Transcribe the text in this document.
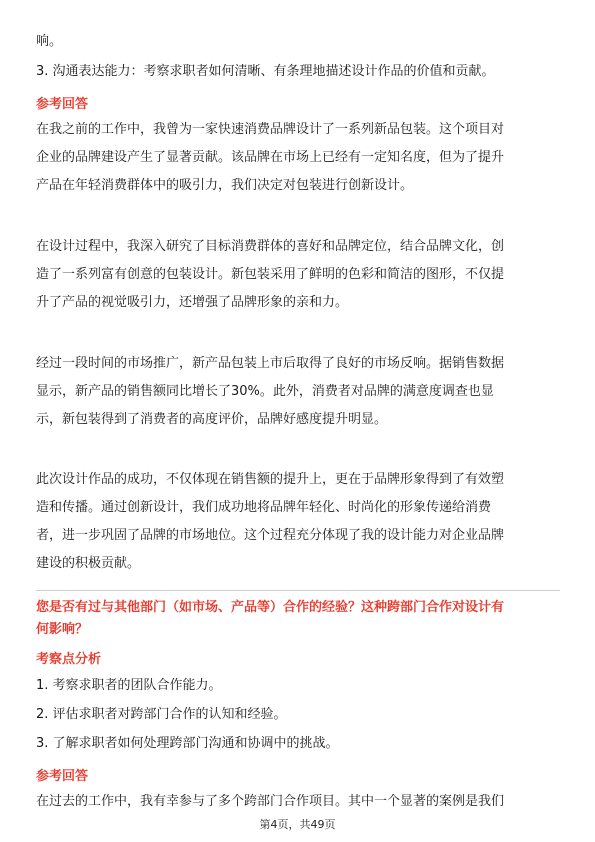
响。
3. 沟通表达能力：考察求职者如何清晰、有条理地描述设计作品的价值和贡献。
参考回答
在我之前的工作中，我曾为一家快速消费品牌设计了一系列新品包装。这个项目对
企业的品牌建设产生了显著贡献。该品牌在市场上已经有一定知名度，但为了提升
产品在年轻消费群体中的吸引力，我们决定对包装进行创新设计。
在设计过程中，我深入研究了目标消费群体的喜好和品牌定位，结合品牌文化，创
造了一系列富有创意的包装设计。新包装采用了鲜明的色彩和简洁的图形，不仅提
升了产品的视觉吸引力，还增强了品牌形象的亲和力。
经过一段时间的市场推广，新产品包装上市后取得了良好的市场反响。据销售数据
显示，新产品的销售额同比增长了30%。此外，消费者对品牌的满意度调查也显
示，新包装得到了消费者的高度评价，品牌好感度提升明显。
此次设计作品的成功，不仅体现在销售额的提升上，更在于品牌形象得到了有效塑
造和传播。通过创新设计，我们成功地将品牌年轻化、时尚化的形象传递给消费
者，进一步巩固了品牌的市场地位。这个过程充分体现了我的设计能力对企业品牌
建设的积极贡献。
您是否有过与其他部门（如市场、产品等）合作的经验？这种跨部门合作对设计有
何影响？
考察点分析
1. 考察求职者的团队合作能力。
2. 评估求职者对跨部门合作的认知和经验。
3. 了解求职者如何处理跨部门沟通和协调中的挑战。
参考回答
在过去的工作中，我有幸参与了多个跨部门合作项目。其中一个显著的案例是我们
第4页，共49页
